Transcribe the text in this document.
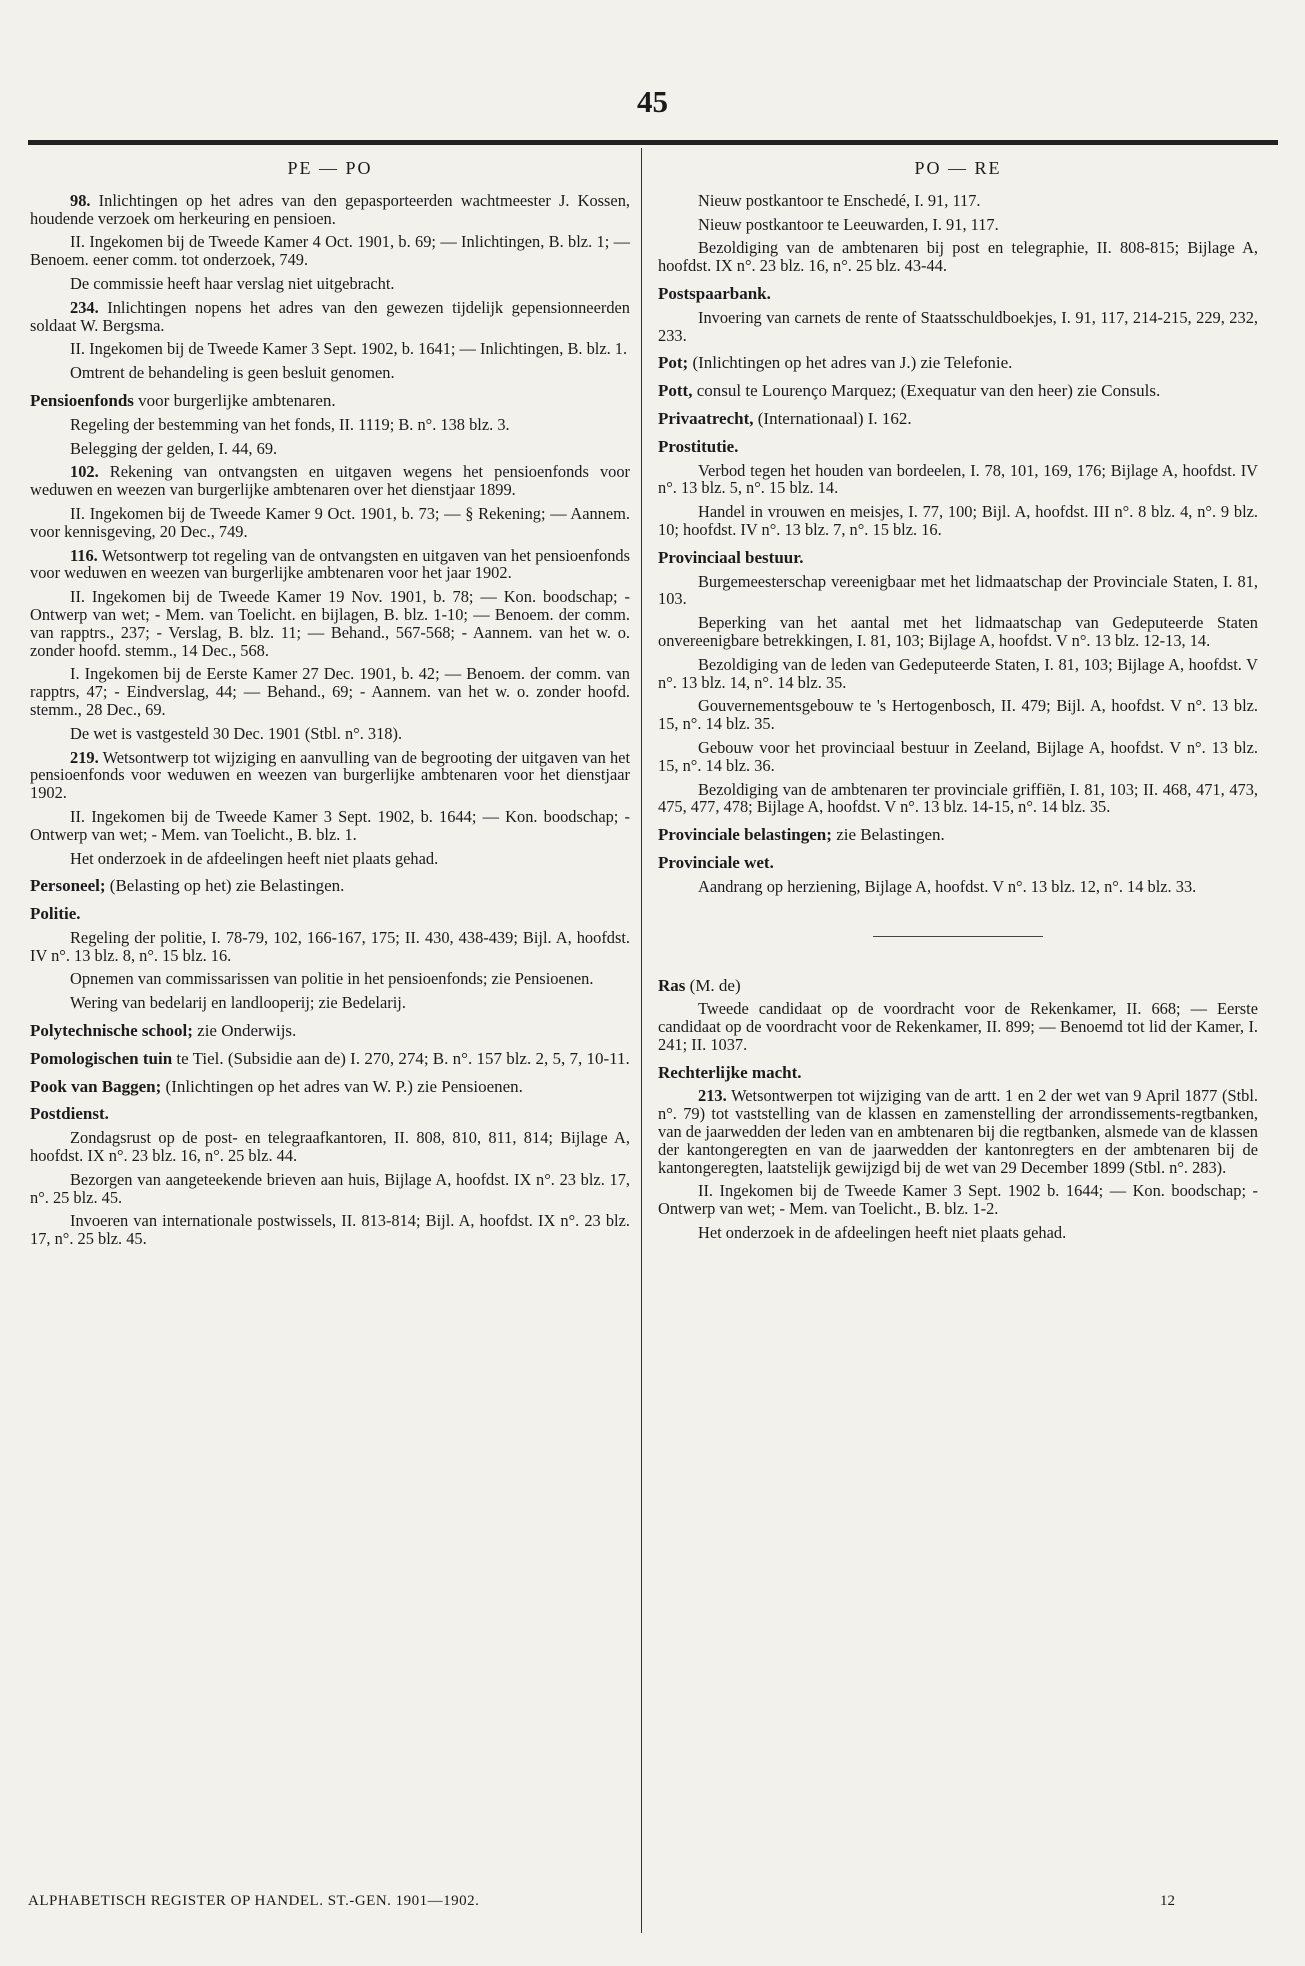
45
PE — PO
98. Inlichtingen op het adres van den gepasporteerden wachtmeester J. Kossen, houdende verzoek om herkeuring en pensioen.
II. Ingekomen bij de Tweede Kamer 4 Oct. 1901, b. 69; — Inlichtingen, B. blz. 1; — Benoem. eener comm. tot onderzoek, 749.
De commissie heeft haar verslag niet uitgebracht.
234. Inlichtingen nopens het adres van den gewezen tijdelijk gepensionneerden soldaat W. Bergsma.
II. Ingekomen bij de Tweede Kamer 3 Sept. 1902, b. 1641; — Inlichtingen, B. blz. 1.
Omtrent de behandeling is geen besluit genomen.
Pensioenfonds voor burgerlijke ambtenaren.
Regeling der bestemming van het fonds, II. 1119; B. n°. 138 blz. 3.
Belegging der gelden, I. 44, 69.
102. Rekening van ontvangsten en uitgaven wegens het pensioenfonds voor weduwen en weezen van burgerlijke ambtenaren over het dienstjaar 1899.
II. Ingekomen bij de Tweede Kamer 9 Oct. 1901, b. 73; — § Rekening; — Aannem. voor kennisgeving, 20 Dec., 749.
116. Wetsontwerp tot regeling van de ontvangsten en uitgaven van het pensioenfonds voor weduwen en weezen van burgerlijke ambtenaren voor het jaar 1902.
II. Ingekomen bij de Tweede Kamer 19 Nov. 1901, b. 78; — Kon. boodschap; - Ontwerp van wet; - Mem. van Toelicht. en bijlagen, B. blz. 1-10; — Benoem. der comm. van rapptrs., 237; - Verslag, B. blz. 11; — Behand., 567-568; - Aannem. van het w. o. zonder hoofd. stemm., 14 Dec., 568.
I. Ingekomen bij de Eerste Kamer 27 Dec. 1901, b. 42; — Benoem. der comm. van rapptrs, 47; - Eindverslag, 44; — Behand., 69; - Aannem. van het w. o. zonder hoofd. stemm., 28 Dec., 69.
De wet is vastgesteld 30 Dec. 1901 (Stbl. n°. 318).
219. Wetsontwerp tot wijziging en aanvulling van de begrooting der uitgaven van het pensioenfonds voor weduwen en weezen van burgerlijke ambtenaren voor het dienstjaar 1902.
II. Ingekomen bij de Tweede Kamer 3 Sept. 1902, b. 1644; — Kon. boodschap; - Ontwerp van wet; - Mem. van Toelicht., B. blz. 1.
Het onderzoek in de afdeelingen heeft niet plaats gehad.
Personeel; (Belasting op het) zie Belastingen.
Politie.
Regeling der politie, I. 78-79, 102, 166-167, 175; II. 430, 438-439; Bijl. A, hoofdst. IV n°. 13 blz. 8, n°. 15 blz. 16.
Opnemen van commissarissen van politie in het pensioenfonds; zie Pensioenen.
Wering van bedelarij en landlooperij; zie Bedelarij.
Polytechnische school; zie Onderwijs.
Pomologischen tuin te Tiel. (Subsidie aan de) I. 270, 274; B. n°. 157 blz. 2, 5, 7, 10-11.
Pook van Baggen; (Inlichtingen op het adres van W. P.) zie Pensioenen.
Postdienst.
Zondagsrust op de post- en telegraafkantoren, II. 808, 810, 811, 814; Bijlage A, hoofdst. IX n°. 23 blz. 16, n°. 25 blz. 44.
Bezorgen van aangeteekende brieven aan huis, Bijlage A, hoofdst. IX n°. 23 blz. 17, n°. 25 blz. 45.
Invoeren van internationale postwissels, II. 813-814; Bijl. A, hoofdst. IX n°. 23 blz. 17, n°. 25 blz. 45.
PO — RE
Nieuw postkantoor te Enschedé, I. 91, 117.
Nieuw postkantoor te Leeuwarden, I. 91, 117.
Bezoldiging van de ambtenaren bij post en telegraphie, II. 808-815; Bijlage A, hoofdst. IX n°. 23 blz. 16, n°. 25 blz. 43-44.
Postspaarbank.
Invoering van carnets de rente of Staatsschuldboekjes, I. 91, 117, 214-215, 229, 232, 233.
Pot; (Inlichtingen op het adres van J.) zie Telefonie.
Pott, consul te Lourenço Marquez; (Exequatur van den heer) zie Consuls.
Privaatrecht, (Internationaal) I. 162.
Prostitutie.
Verbod tegen het houden van bordeelen, I. 78, 101, 169, 176; Bijlage A, hoofdst. IV n°. 13 blz. 5, n°. 15 blz. 14.
Handel in vrouwen en meisjes, I. 77, 100; Bijl. A, hoofdst. III n°. 8 blz. 4, n°. 9 blz. 10; hoofdst. IV n°. 13 blz. 7, n°. 15 blz. 16.
Provinciaal bestuur.
Burgemeesterschap vereenigbaar met het lidmaatschap der Provinciale Staten, I. 81, 103.
Beperking van het aantal met het lidmaatschap van Gedeputeerde Staten onvereenigbare betrekkingen, I. 81, 103; Bijlage A, hoofdst. V n°. 13 blz. 12-13, 14.
Bezoldiging van de leden van Gedeputeerde Staten, I. 81, 103; Bijlage A, hoofdst. V n°. 13 blz. 14, n°. 14 blz. 35.
Gouvernementsgebouw te 's Hertogenbosch, II. 479; Bijl. A, hoofdst. V n°. 13 blz. 15, n°. 14 blz. 35.
Gebouw voor het provinciaal bestuur in Zeeland, Bijlage A, hoofdst. V n°. 13 blz. 15, n°. 14 blz. 36.
Bezoldiging van de ambtenaren ter provinciale griffiën, I. 81, 103; II. 468, 471, 473, 475, 477, 478; Bijlage A, hoofdst. V n°. 13 blz. 14-15, n°. 14 blz. 35.
Provinciale belastingen; zie Belastingen.
Provinciale wet.
Aandrang op herziening, Bijlage A, hoofdst. V n°. 13 blz. 12, n°. 14 blz. 33.
Ras (M. de)
Tweede candidaat op de voordracht voor de Rekenkamer, II. 668; — Eerste candidaat op de voordracht voor de Rekenkamer, II. 899; — Benoemd tot lid der Kamer, I. 241; II. 1037.
Rechterlijke macht.
213. Wetsontwerpen tot wijziging van de artt. 1 en 2 der wet van 9 April 1877 (Stbl. n°. 79) tot vaststelling van de klassen en zamenstelling der arrondissements-regtbanken, van de jaarwedden der leden van en ambtenaren bij die regtbanken, alsmede van de klassen der kantongeregten en van de jaarwedden der kantonregters en der ambtenaren bij de kantongeregten, laatstelijk gewijzigd bij de wet van 29 December 1899 (Stbl. n°. 283).
II. Ingekomen bij de Tweede Kamer 3 Sept. 1902 b. 1644; — Kon. boodschap; - Ontwerp van wet; - Mem. van Toelicht., B. blz. 1-2.
Het onderzoek in de afdeelingen heeft niet plaats gehad.
ALPHABETISCH REGISTER OP HANDEL. ST.-GEN. 1901—1902.	12
